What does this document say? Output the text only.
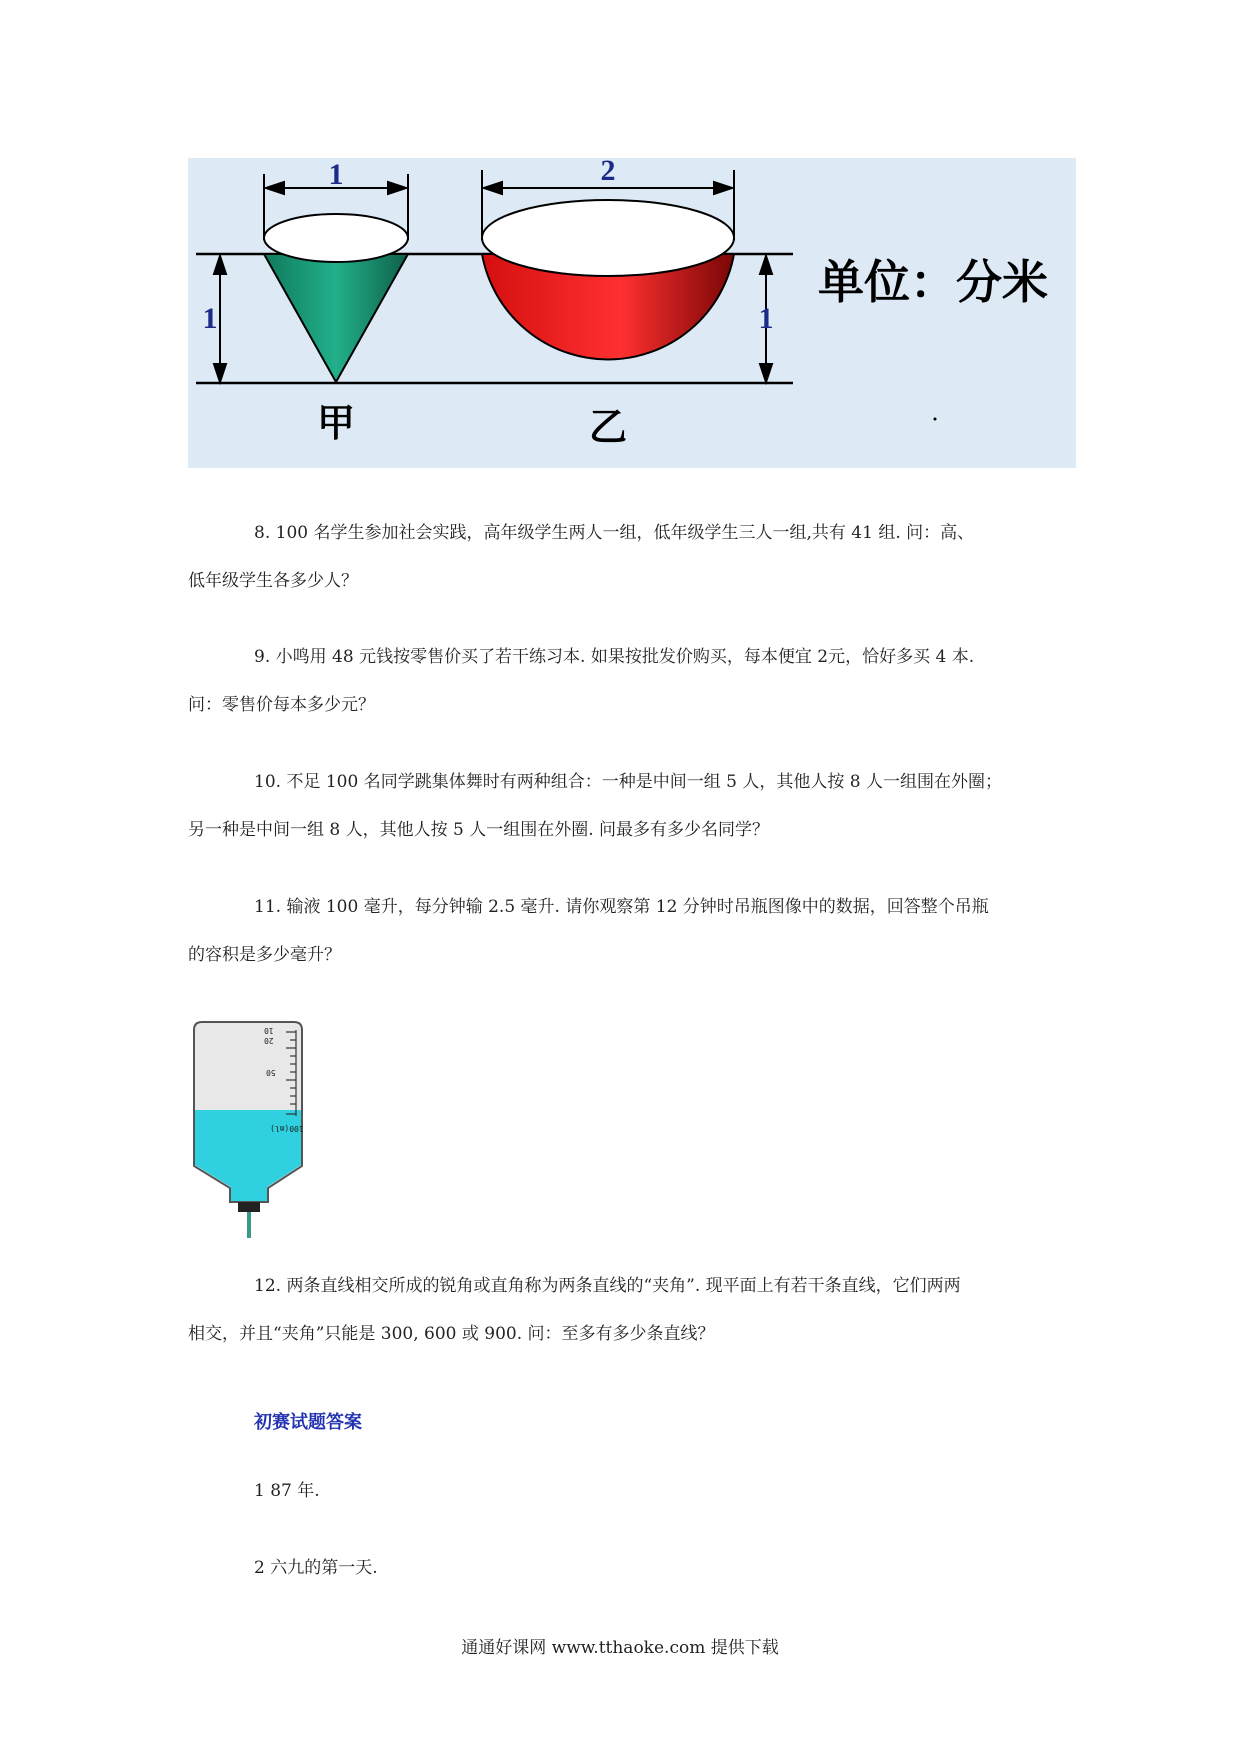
1	2
1	1
甲	乙
单位：分米

8. 100 名学生参加社会实践，高年级学生两人一组，低年级学生三人一组,共有 41 组. 问：高、

低年级学生各多少人？

9. 小鸣用 48 元钱按零售价买了若干练习本. 如果按批发价购买，每本便宜 2元，恰好多买 4 本.

问：零售价每本多少元？

10. 不足 100 名同学跳集体舞时有两种组合：一种是中间一组 5 人，其他人按 8 人一组围在外圈；

另一种是中间一组 8 人，其他人按 5 人一组围在外圈. 问最多有多少名同学？

11. 输液 100 毫升，每分钟输 2.5 毫升. 请你观察第 12 分钟时吊瓶图像中的数据，回答整个吊瓶

的容积是多少毫升？

10
20
50
100(ml)

12. 两条直线相交所成的锐角或直角称为两条直线的“夹角”. 现平面上有若干条直线，它们两两

相交，并且“夹角”只能是 300, 600 或 900. 问：至多有多少条直线？

初赛试题答案
1 87 年.
2 六九的第一天.
通通好课网 www.tthaoke.com 提供下载
